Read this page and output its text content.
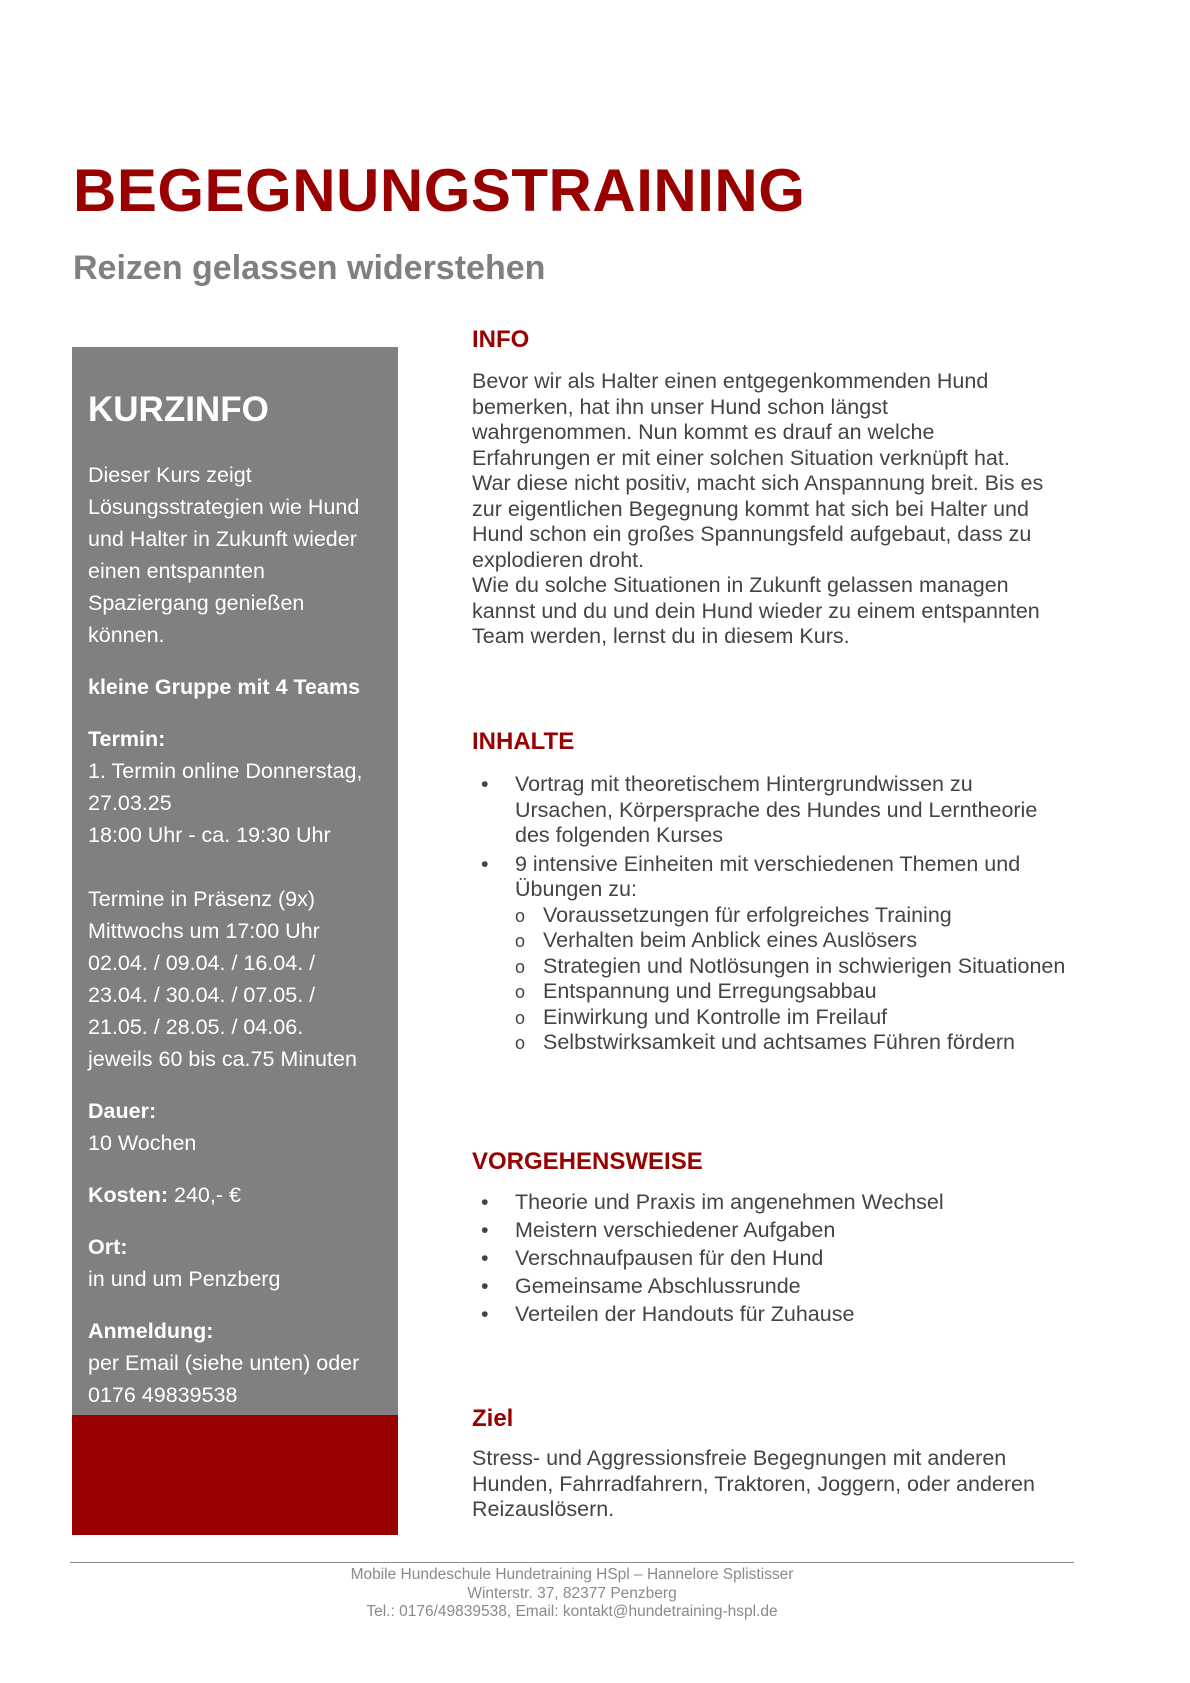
BEGEGNUNGSTRAINING
Reizen gelassen widerstehen
KURZINFO
Dieser Kurs zeigt
Lösungsstrategien wie Hund
und Halter in Zukunft wieder
einen entspannten
Spaziergang genießen
können.
kleine Gruppe mit 4 Teams
Termin:
1. Termin online Donnerstag,
27.03.25
18:00 Uhr - ca. 19:30 Uhr

Termine in Präsenz (9x)
Mittwochs um 17:00 Uhr
02.04. / 09.04. / 16.04. /
23.04. / 30.04. / 07.05. /
21.05. / 28.05. / 04.06.
jeweils 60 bis ca.75 Minuten
Dauer:
10 Wochen
Kosten: 240,- €
Ort:
in und um Penzberg
Anmeldung:
per Email (siehe unten) oder
0176 49839538
INFO
Bevor wir als Halter einen entgegenkommenden Hund
bemerken, hat ihn unser Hund schon längst
wahrgenommen. Nun kommt es drauf an welche
Erfahrungen er mit einer solchen Situation verknüpft hat.
War diese nicht positiv, macht sich Anspannung breit. Bis es
zur eigentlichen Begegnung kommt hat sich bei Halter und
Hund schon ein großes Spannungsfeld aufgebaut, dass zu
explodieren droht.
Wie du solche Situationen in Zukunft gelassen managen
kannst und du und dein Hund wieder zu einem entspannten
Team werden, lernst du in diesem Kurs.
INHALTE
• Vortrag mit theoretischem Hintergrundwissen zu Ursachen, Körpersprache des Hundes und Lerntheorie des folgenden Kurses
• 9 intensive Einheiten mit verschiedenen Themen und Übungen zu:
o Voraussetzungen für erfolgreiches Training
o Verhalten beim Anblick eines Auslösers
o Strategien und Notlösungen in schwierigen Situationen
o Entspannung und Erregungsabbau
o Einwirkung und Kontrolle im Freilauf
o Selbstwirksamkeit und achtsames Führen fördern
VORGEHENSWEISE
• Theorie und Praxis im angenehmen Wechsel
• Meistern verschiedener Aufgaben
• Verschnaufpausen für den Hund
• Gemeinsame Abschlussrunde
• Verteilen der Handouts für Zuhause
Ziel
Stress- und Aggressionsfreie Begegnungen mit anderen
Hunden, Fahrradfahrern, Traktoren, Joggern, oder anderen
Reizauslösern.
Mobile Hundeschule Hundetraining HSpl – Hannelore Splistisser
Winterstr. 37, 82377 Penzberg
Tel.: 0176/49839538, Email: kontakt@hundetraining-hspl.de
